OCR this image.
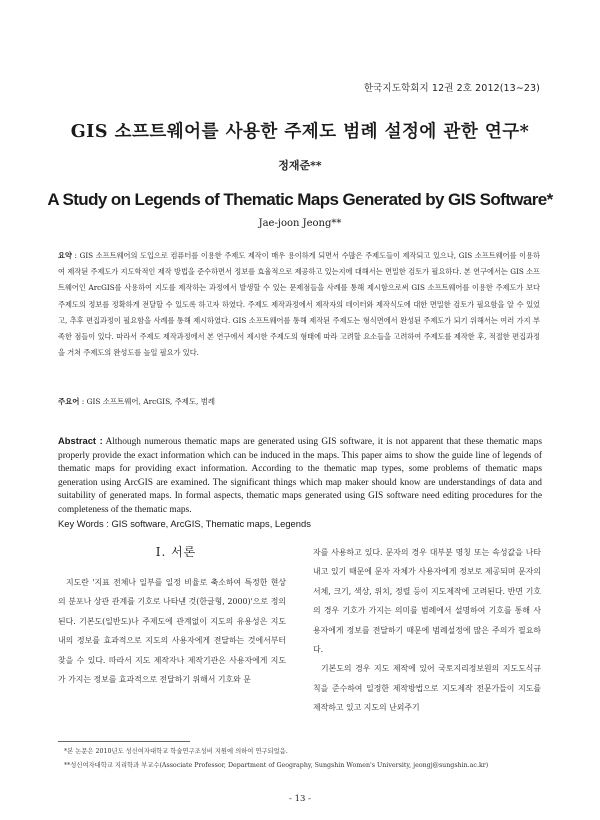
한국지도학회지 12권 2호 2012(13∼23)
GIS 소프트웨어를 사용한 주제도 범례 설정에 관한 연구*
정재준**
A Study on Legends of Thematic Maps Generated by GIS Software*
Jae-joon Jeong**
요약 : GIS 소프트웨어의 도입으로 컴퓨터를 이용한 주제도 제작이 매우 용이하게 되면서 수많은 주제도들이 제작되고 있으나, GIS 소프트웨어를 이용하여 제작된 주제도가 지도학적인 제작 방법을 준수하면서 정보를 효율적으로 제공하고 있는지에 대해서는 면밀한 검토가 필요하다. 본 연구에서는 GIS 소프트웨어인 ArcGIS를 사용하여 지도를 제작하는 과정에서 발생할 수 있는 문제점들을 사례를 통해 제시함으로써 GIS 소프트웨어를 이용한 주제도가 보다 주제도의 정보를 정확하게 전달할 수 있도록 하고자 하였다. 주제도 제작과정에서 제작자의 데이터와 제작식도에 대한 면밀한 검토가 필요함을 알 수 있었고, 추후 편집과정이 필요함을 사례를 통해 제시하였다. GIS 소프트웨어를 통해 제작된 주제도는 형식면에서 완성된 주제도가 되기 위해서는 여러 가지 부족한 점들이 있다. 따라서 주제도 제작과정에서 본 연구에서 제시한 주제도의 형태에 따라 고려할 요소들을 고려하여 주제도를 제작한 후, 적절한 편집과정을 거쳐 주제도의 완성도를 높일 필요가 있다.
주요어 : GIS 소프트웨어, ArcGIS, 주제도, 범례
Abstract : Although numerous thematic maps are generated using GIS software, it is not apparent that these thematic maps properly provide the exact information which can be induced in the maps. This paper aims to show the guide line of legends of thematic maps for providing exact information. According to the thematic map types, some problems of thematic maps generation using ArcGIS are examined. The significant things which map maker should know are understandings of data and suitability of generated maps. In formal aspects, thematic maps generated using GIS software need editing procedures for the completeness of the thematic maps.
Key Words : GIS software, ArcGIS, Thematic maps, Legends
Ⅰ. 서론
지도란 '지표 전체나 일부를 일정 비율로 축소하여 특정한 현상의 분포나 상관 관계를 기호로 나타낸 것(한글형, 2000)'으로 정의된다. 기본도(일반도)나 주제도에 관계없이 지도의 유용성은 지도 내의 정보를 효과적으로 지도의 사용자에게 전달하는 것에서부터 찾을 수 있다. 따라서 지도 제작자나 제작기관은 사용자에게 지도가 가지는 정보를 효과적으로 전달하기 위해서 기호와 문
자를 사용하고 있다. 문자의 경우 대부분 명칭 또는 속성값을 나타내고 있기 때문에 문자 자체가 사용자에게 정보로 제공되며 문자의 서체, 크기, 색상, 위치, 정렬 등이 지도제작에 고려된다. 반면 기호의 경우 기호가 가지는 의미를 범례에서 설명하여 기호를 통해 사용자에게 정보를 전달하기 때문에 범례설정에 많은 주의가 필요하다.
기본도의 경우 지도 제작에 있어 국토지리정보원의 지도도식규칙을 준수하여 일정한 제작방법으로 지도제작 전문가들이 지도를 제작하고 있고 지도의 난외주기
*본 논문은 2010년도 성신여자대학교 학술연구조성비 지원에 의하여 연구되었음.
**성신여자대학교 지리학과 부교수(Associate Professor, Department of Geography, Sungshin Women's University, jeongj@sungshin.ac.kr)
- 13 -
